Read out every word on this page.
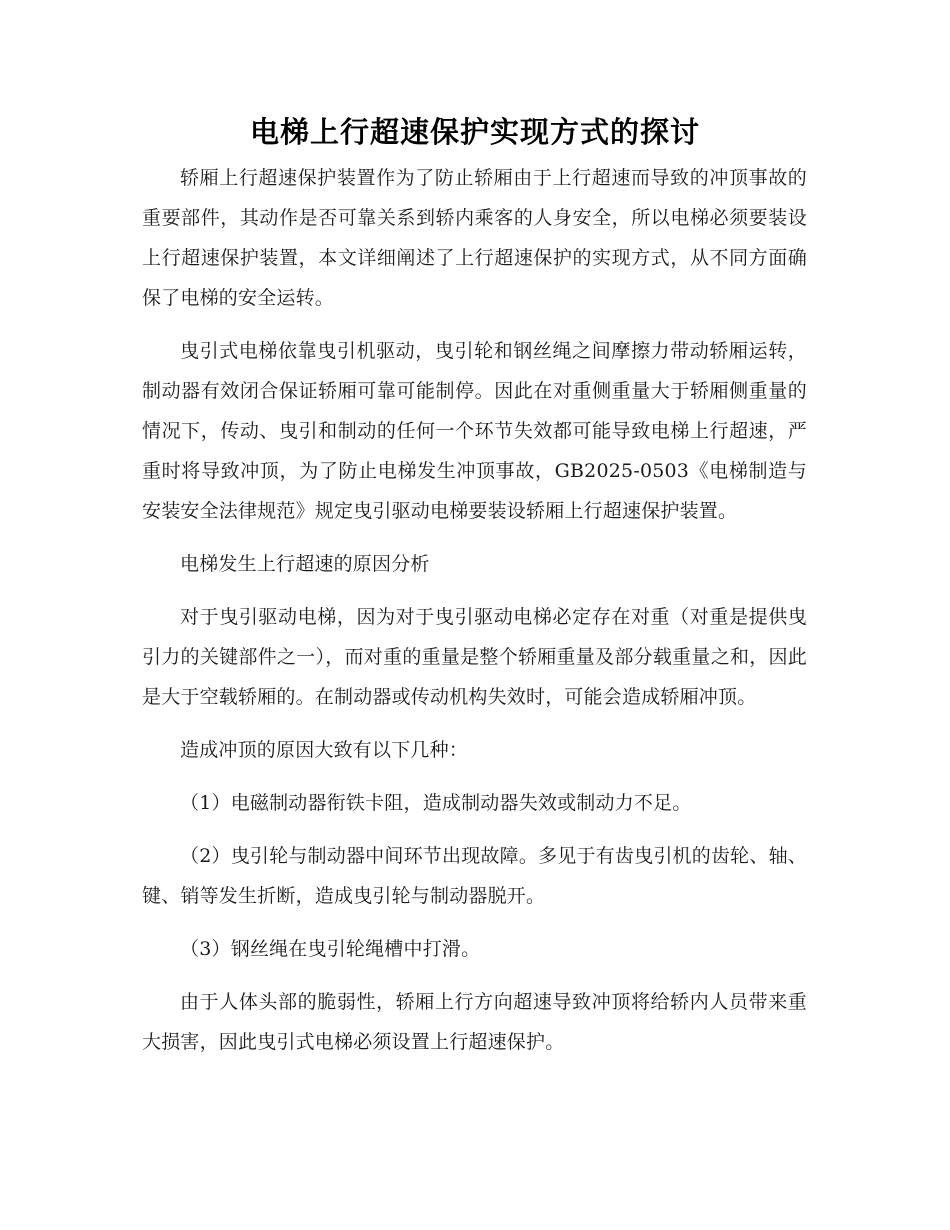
电梯上行超速保护实现方式的探讨

轿厢上行超速保护装置作为了防止轿厢由于上行超速而导致的冲顶事故的重要部件，其动作是否可靠关系到轿内乘客的人身安全，所以电梯必须要装设上行超速保护装置，本文详细阐述了上行超速保护的实现方式，从不同方面确保了电梯的安全运转。

曳引式电梯依靠曳引机驱动，曳引轮和钢丝绳之间摩擦力带动轿厢运转，制动器有效闭合保证轿厢可靠可能制停。因此在对重侧重量大于轿厢侧重量的情况下，传动、曳引和制动的任何一个环节失效都可能导致电梯上行超速，严重时将导致冲顶，为了防止电梯发生冲顶事故，GB2025-0503《电梯制造与安装安全法律规范》规定曳引驱动电梯要装设轿厢上行超速保护装置。

电梯发生上行超速的原因分析

对于曳引驱动电梯，因为对于曳引驱动电梯必定存在对重（对重是提供曳引力的关键部件之一），而对重的重量是整个轿厢重量及部分载重量之和，因此是大于空载轿厢的。在制动器或传动机构失效时，可能会造成轿厢冲顶。

造成冲顶的原因大致有以下几种：

（1）电磁制动器衔铁卡阻，造成制动器失效或制动力不足。

（2）曳引轮与制动器中间环节出现故障。多见于有齿曳引机的齿轮、轴、键、销等发生折断，造成曳引轮与制动器脱开。

（3）钢丝绳在曳引轮绳槽中打滑。

由于人体头部的脆弱性，轿厢上行方向超速导致冲顶将给轿内人员带来重大损害，因此曳引式电梯必须设置上行超速保护。
